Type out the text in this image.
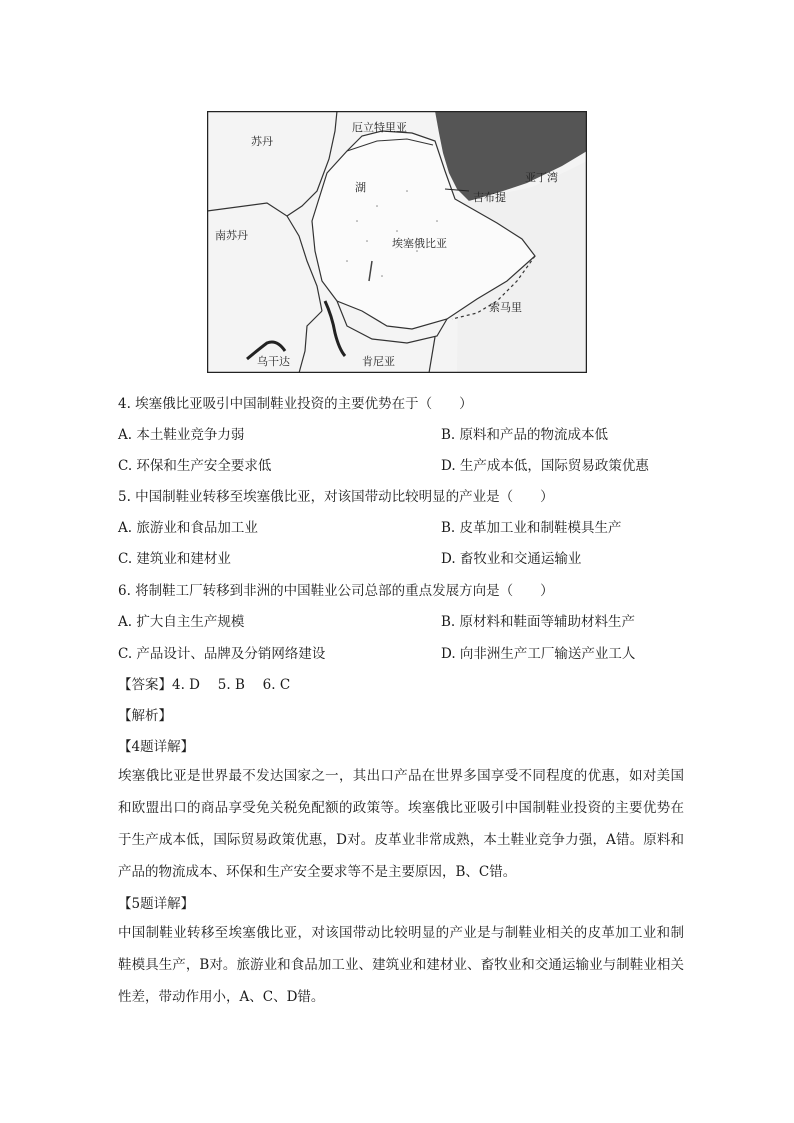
苏丹
厄立特里亚
亚丁湾
吉布提
湖
埃塞俄比亚
南苏丹
索马里
乌干达	肯尼亚
4. 埃塞俄比亚吸引中国制鞋业投资的主要优势在于（　　）
A. 本土鞋业竞争力弱	B. 原料和产品的物流成本低
C. 环保和生产安全要求低	D. 生产成本低，国际贸易政策优惠
5. 中国制鞋业转移至埃塞俄比亚，对该国带动比较明显的产业是（　　）
A. 旅游业和食品加工业	B. 皮革加工业和制鞋模具生产
C. 建筑业和建材业	D. 畜牧业和交通运输业
6. 将制鞋工厂转移到非洲的中国鞋业公司总部的重点发展方向是（　　）
A. 扩大自主生产规模	B. 原材料和鞋面等辅助材料生产
C. 产品设计、品牌及分销网络建设	D. 向非洲生产工厂输送产业工人
【答案】4. D　 5. B　 6. C
【解析】
【4题详解】
埃塞俄比亚是世界最不发达国家之一，其出口产品在世界多国享受不同程度的优惠，如对美国和欧盟出口的商品享受免关税免配额的政策等。埃塞俄比亚吸引中国制鞋业投资的主要优势在于生产成本低，国际贸易政策优惠，D对。皮革业非常成熟，本土鞋业竞争力强，A错。原料和产品的物流成本、环保和生产安全要求等不是主要原因，B、C错。
【5题详解】
中国制鞋业转移至埃塞俄比亚，对该国带动比较明显的产业是与制鞋业相关的皮革加工业和制鞋模具生产，B对。旅游业和食品加工业、建筑业和建材业、畜牧业和交通运输业与制鞋业相关性差，带动作用小，A、C、D错。
